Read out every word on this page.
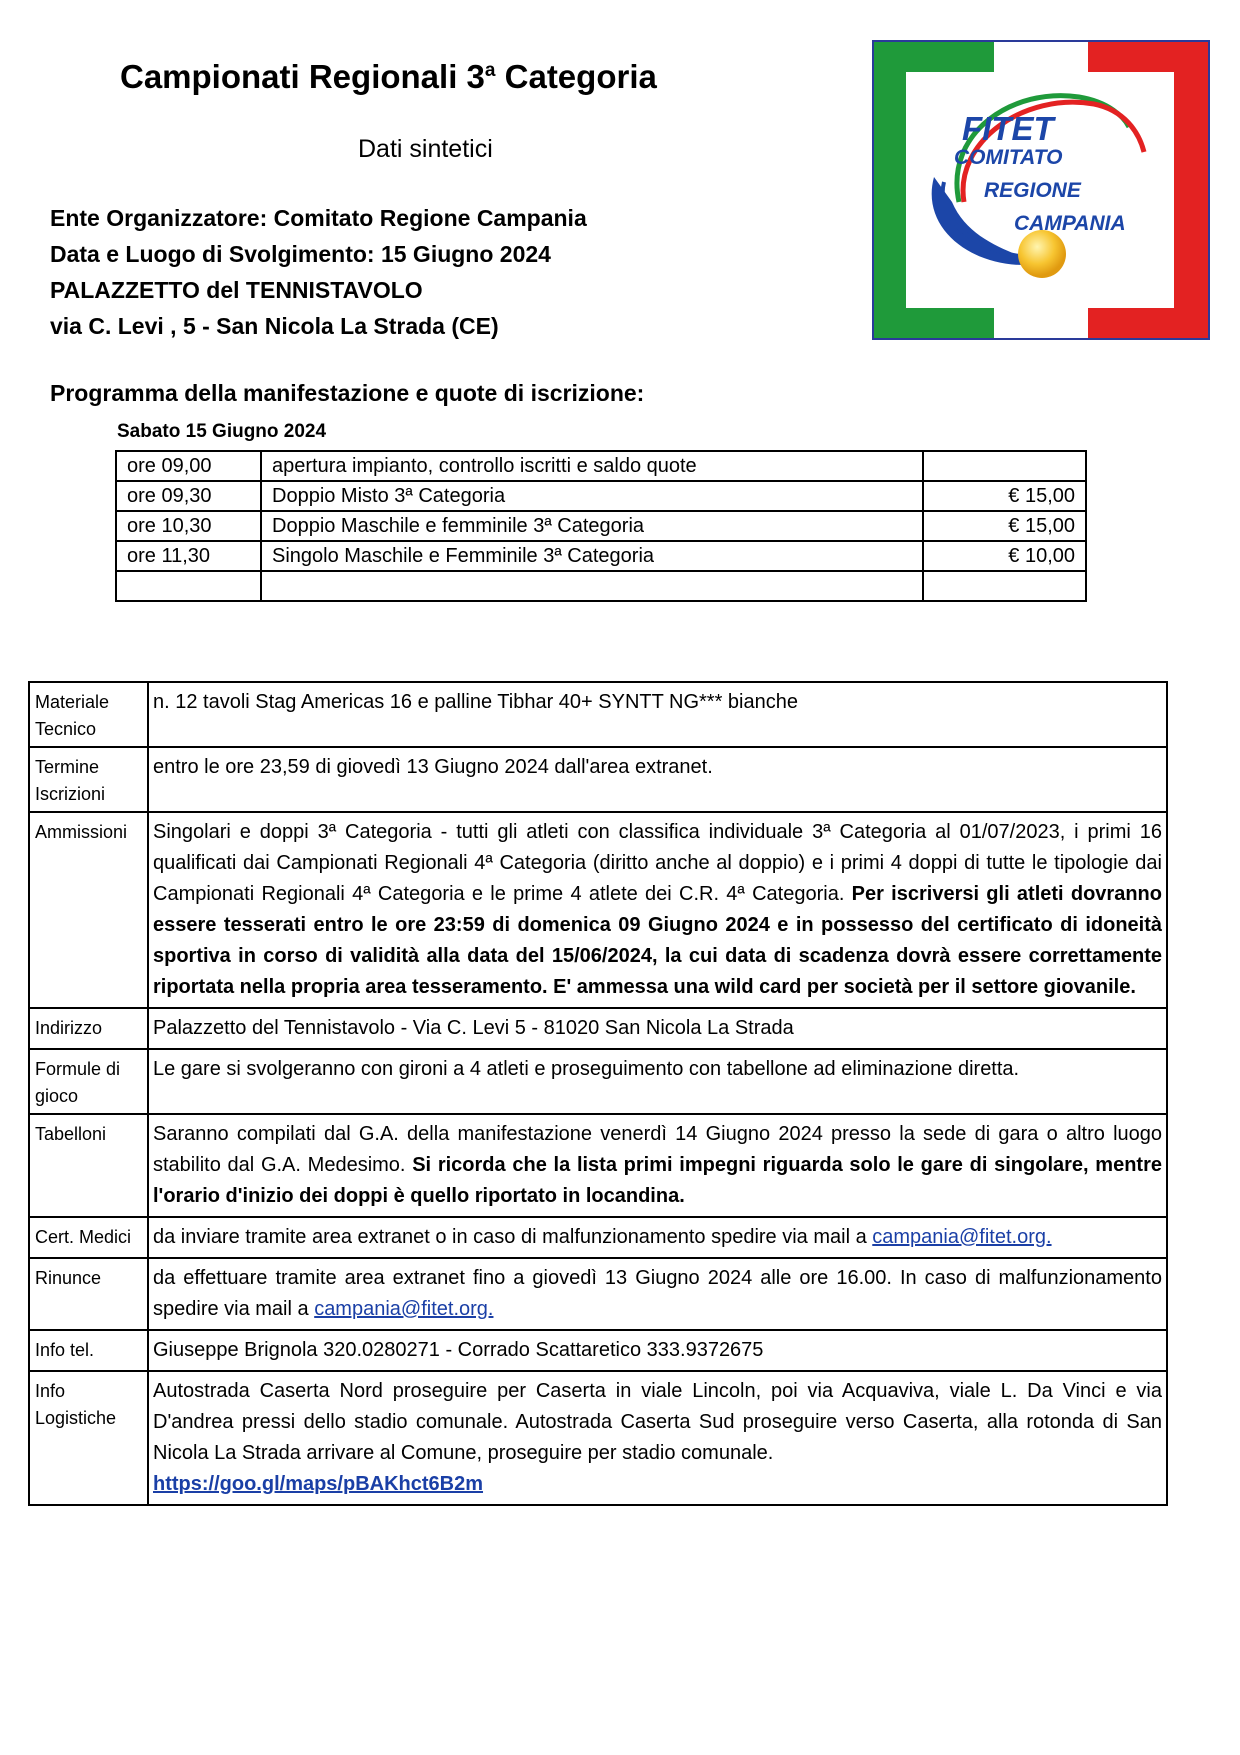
Campionati Regionali 3$^a$ Categoria
Dati sintetici
Ente Organizzatore: Comitato Regione Campania
Data e Luogo di Svolgimento: 15 Giugno 2024
PALAZZETTO del TENNISTAVOLO
via C. Levi , 5 - San Nicola La Strada (CE)
Programma della manifestazione e quote di iscrizione:
Sabato 15 Giugno 2024
ore 09,00	apertura impianto, controllo iscritti e saldo quote	
ore 09,30	Doppio Misto 3ª Categoria	€ 15,00
ore 10,30	Doppio Maschile e femminile 3ª Categoria	€ 15,00
ore 11,30	Singolo Maschile e Femminile 3ª Categoria	€ 10,00

Materiale Tecnico	n. 12 tavoli Stag Americas 16 e palline Tibhar 40+ SYNTT NG*** bianche
Termine Iscrizioni	entro le ore 23,59 di giovedì 13 Giugno 2024 dall'area extranet.
Ammissioni	Singolari e doppi 3ª Categoria - tutti gli atleti con classifica individuale 3ª Categoria al 01/07/2023, i primi 16 qualificati dai Campionati Regionali 4ª Categoria (diritto anche al doppio) e i primi 4 doppi di tutte le tipologie dai Campionati Regionali 4ª Categoria e le prime 4 atlete dei C.R. 4ª Categoria. Per iscriversi gli atleti dovranno essere tesserati entro le ore 23:59 di domenica 09 Giugno 2024 e in possesso del certificato di idoneità sportiva in corso di validità alla data del 15/06/2024, la cui data di scadenza dovrà essere correttamente riportata nella propria area tesseramento. E' ammessa una wild card per società per il settore giovanile.
Indirizzo	Palazzetto del Tennistavolo - Via C. Levi 5 - 81020 San Nicola La Strada
Formule di gioco	Le gare si svolgeranno con gironi a 4 atleti e proseguimento con tabellone ad eliminazione diretta.
Tabelloni	Saranno compilati dal G.A. della manifestazione venerdì 14 Giugno 2024 presso la sede di gara o altro luogo stabilito dal G.A. Medesimo. Si ricorda che la lista primi impegni riguarda solo le gare di singolare, mentre l'orario d'inizio dei doppi è quello riportato in locandina.
Cert. Medici	da inviare tramite area extranet o in caso di malfunzionamento spedire via mail a campania@fitet.org.
Rinunce	da effettuare tramite area extranet fino a giovedì 13 Giugno 2024 alle ore 16.00. In caso di malfunzionamento spedire via mail a campania@fitet.org.
Info tel.	Giuseppe Brignola 320.0280271 - Corrado Scattaretico 333.9372675
Info Logistiche	Autostrada Caserta Nord proseguire per Caserta in viale Lincoln, poi via Acquaviva, viale L. Da Vinci e via D'andrea pressi dello stadio comunale. Autostrada Caserta Sud proseguire verso Caserta, alla rotonda di San Nicola La Strada arrivare al Comune, proseguire per stadio comunale.
https://goo.gl/maps/pBAKhct6B2m
FITET
COMITATO
REGIONE
CAMPANIA
